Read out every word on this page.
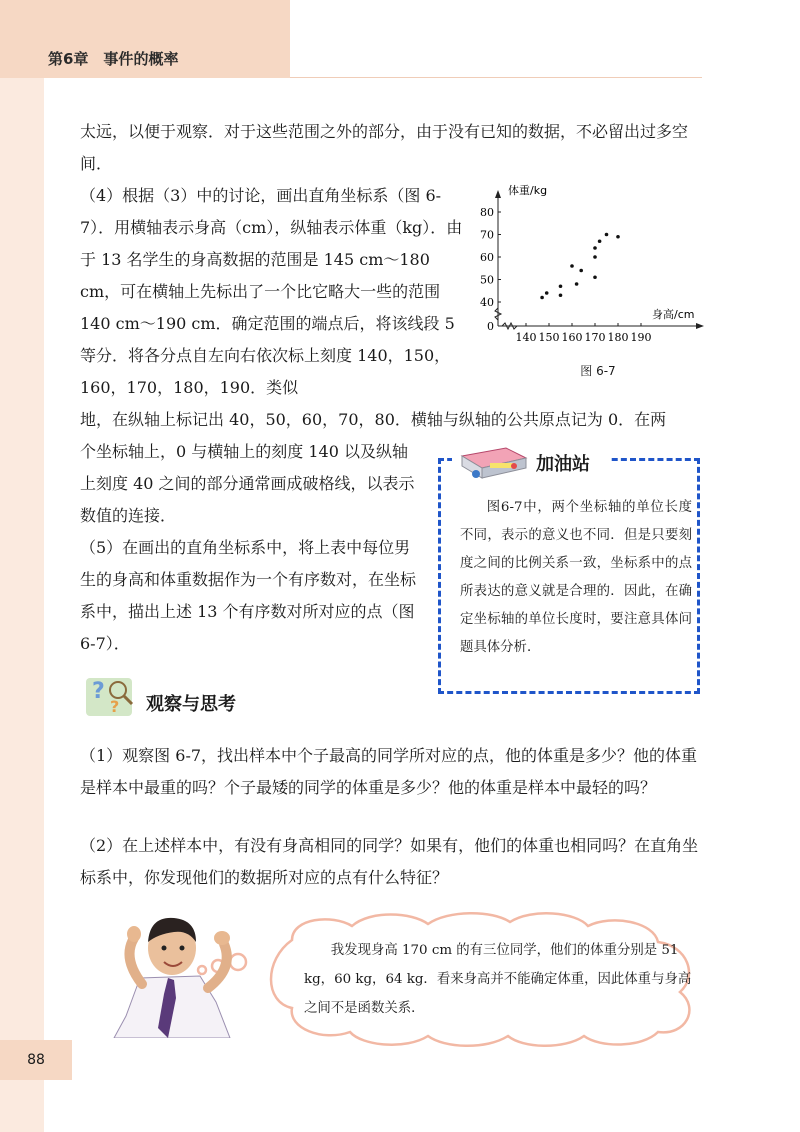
第6章　事件的概率

太远，以便于观察．对于这些范围之外的部分，由于没有已知的数据，不必留出过多空间．

（4）根据（3）中的讨论，画出直角坐标系（图 6-7）．用横轴表示身高（cm），纵轴表示体重（kg）．由于 13 名学生的身高数据的范围是 145 cm～180 cm，可在横轴上先标出了一个比它略大一些的范围 140 cm～190 cm．确定范围的端点后，将该线段 5 等分．将各分点自左向右依次标上刻度 140，150，160，170，180，190．类似

地，在纵轴上标记出 40，50，60，70，80．横轴与纵轴的公共原点记为 0．在两

个坐标轴上，0 与横轴上的刻度 140 以及纵轴上刻度 40 之间的部分通常画成破格线，以表示数值的连接．

（5）在画出的直角坐标系中，将上表中每位男生的身高和体重数据作为一个有序数对，在坐标系中，描出上述 13 个有序数对所对应的点（图 6-7）．

0
140 150 160 170 180 190
40
50
60
70
80
体重/kg
身高/cm
图 6-7
加油站

图6-7中，两个坐标轴的单位长度不同，表示的意义也不同．但是只要刻度之间的比例关系一致，坐标系中的点所表达的意义就是合理的．因此，在确定坐标轴的单位长度时，要注意具体问题具体分析．

?
? 观察与思考

（1）观察图 6-7，找出样本中个子最高的同学所对应的点，他的体重是多少？他的体重是样本中最重的吗？个子最矮的同学的体重是多少？他的体重是样本中最轻的吗？

（2）在上述样本中，有没有身高相同的同学？如果有，他们的体重也相同吗？在直角坐标系中，你发现他们的数据所对应的点有什么特征？

我发现身高 170 cm 的有三位同学，他们的体重分别是 51 kg，60 kg，64 kg．看来身高并不能确定体重，因此体重与身高之间不是函数关系．

88
